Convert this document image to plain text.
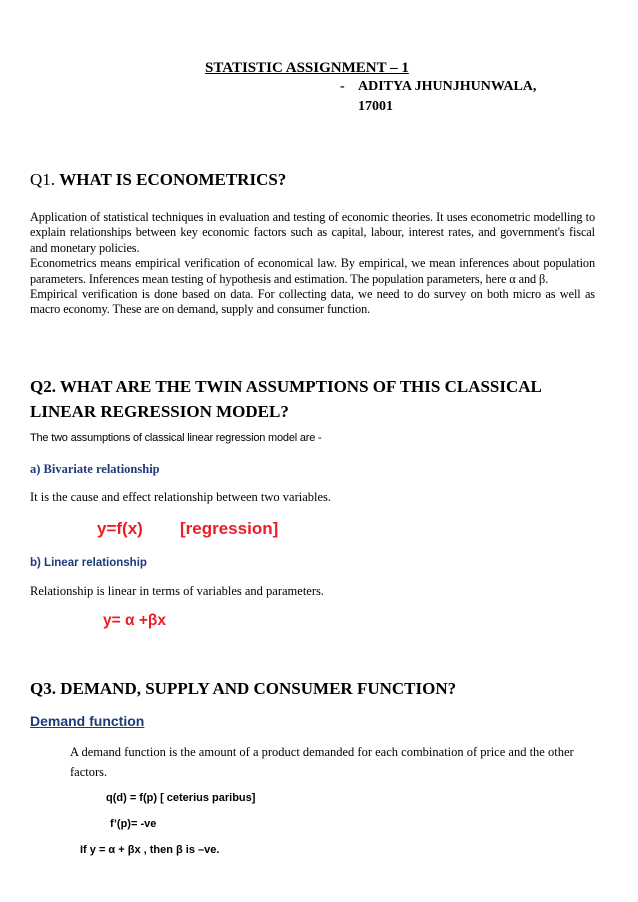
STATISTIC ASSIGNMENT – 1
- ADITYA JHUNJHUNWALA,
17001
Q1. WHAT IS ECONOMETRICS?

Application of statistical techniques in evaluation and testing of economic theories. It uses econometric modelling to explain relationships between key economic factors such as capital, labour, interest rates, and government's fiscal and monetary policies.

Econometrics means empirical verification of economical law. By empirical, we mean inferences about population parameters. Inferences mean testing of hypothesis and estimation. The population parameters, here α and β.

Empirical verification is done based on data. For collecting data, we need to do survey on both micro as well as macro economy. These are on demand, supply and consumer function.

Q2. WHAT ARE THE TWIN ASSUMPTIONS OF THIS CLASSICAL
LINEAR REGRESSION MODEL?
The two assumptions of classical linear regression model are -
a) Bivariate relationship
It is the cause and effect relationship between two variables.
y=f(x) [regression]
b) Linear relationship
Relationship is linear in terms of variables and parameters.
y= α +βx
Q3. DEMAND, SUPPLY AND CONSUMER FUNCTION?
Demand function
A demand function is the amount of a product demanded for each combination of price and the other factors.
q(d) = f(p) [ ceterius paribus]
f’(p)= -ve
If y = α + βx , then β is –ve.
